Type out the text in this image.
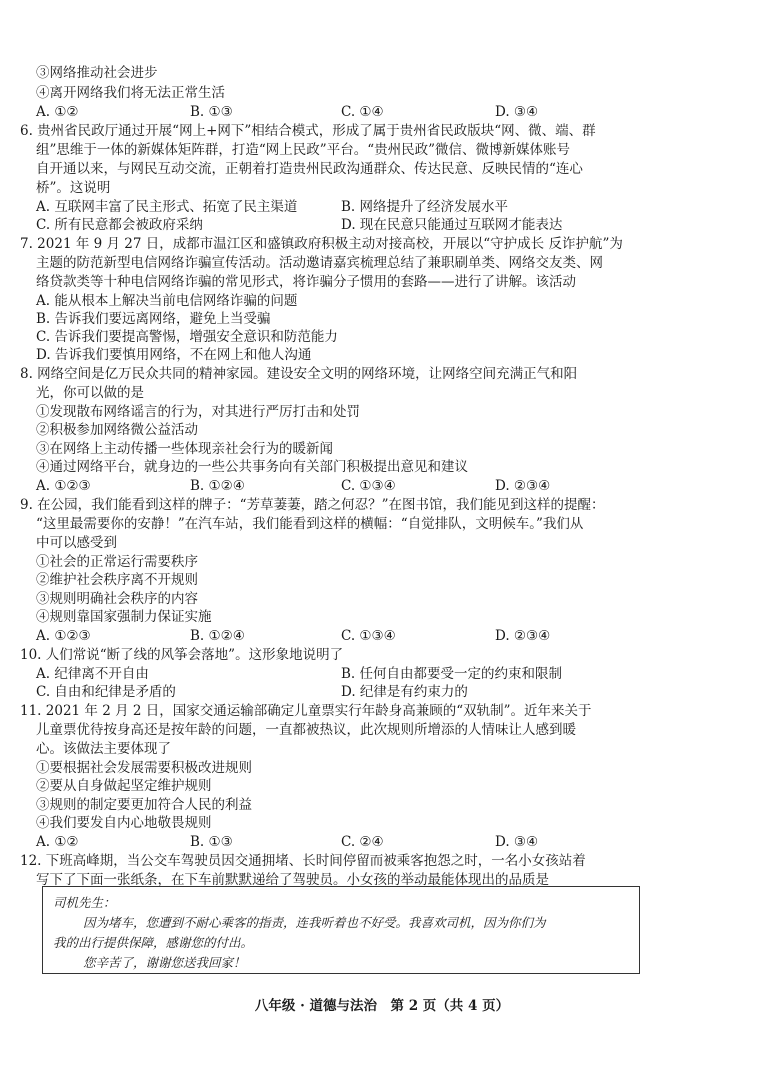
③网络推动社会进步
④离开网络我们将无法正常生活
A. ①②	B. ①③	C. ①④	D. ③④
6. 贵州省民政厅通过开展“网上+网下”相结合模式，形成了属于贵州省民政版块“网、微、端、群
组”思维于一体的新媒体矩阵群，打造“网上民政”平台。“贵州民政”微信、微博新媒体账号
自开通以来，与网民互动交流，正朝着打造贵州民政沟通群众、传达民意、反映民情的“连心
桥”。这说明
A. 互联网丰富了民主形式、拓宽了民主渠道	B. 网络提升了经济发展水平
C. 所有民意都会被政府采纳	D. 现在民意只能通过互联网才能表达
7. 2021 年 9 月 27 日，成都市温江区和盛镇政府积极主动对接高校，开展以“守护成长 反诈护航”为
主题的防范新型电信网络诈骗宣传活动。活动邀请嘉宾梳理总结了兼职刷单类、网络交友类、网
络贷款类等十种电信网络诈骗的常见形式，将诈骗分子惯用的套路——进行了讲解。该活动
A. 能从根本上解决当前电信网络诈骗的问题
B. 告诉我们要远离网络，避免上当受骗
C. 告诉我们要提高警惕，增强安全意识和防范能力
D. 告诉我们要慎用网络，不在网上和他人沟通
8. 网络空间是亿万民众共同的精神家园。建设安全文明的网络环境，让网络空间充满正气和阳
光，你可以做的是
①发现散布网络谣言的行为，对其进行严厉打击和处罚
②积极参加网络微公益活动
③在网络上主动传播一些体现亲社会行为的暖新闻
④通过网络平台，就身边的一些公共事务向有关部门积极提出意见和建议
A. ①②③	B. ①②④	C. ①③④	D. ②③④
9. 在公园，我们能看到这样的牌子：“芳草萋萋，踏之何忍？”在图书馆，我们能见到这样的提醒：
“这里最需要你的安静！”在汽车站，我们能看到这样的横幅：“自觉排队，文明候车。”我们从
中可以感受到
①社会的正常运行需要秩序
②维护社会秩序离不开规则
③规则明确社会秩序的内容
④规则靠国家强制力保证实施
A. ①②③	B. ①②④	C. ①③④	D. ②③④
10. 人们常说“断了线的风筝会落地”。这形象地说明了
A. 纪律离不开自由	B. 任何自由都要受一定的约束和限制
C. 自由和纪律是矛盾的	D. 纪律是有约束力的
11. 2021 年 2 月 2 日，国家交通运输部确定儿童票实行年龄身高兼顾的“双轨制”。近年来关于
儿童票优待按身高还是按年龄的问题，一直都被热议，此次规则所增添的人情味让人感到暖
心。该做法主要体现了
①要根据社会发展需要积极改进规则
②要从自身做起坚定维护规则
③规则的制定要更加符合人民的利益
④我们要发自内心地敬畏规则
A. ①②	B. ①③	C. ②④	D. ③④
12. 下班高峰期，当公交车驾驶员因交通拥堵、长时间停留而被乘客抱怨之时，一名小女孩站着
写下了下面一张纸条，在下车前默默递给了驾驶员。小女孩的举动最能体现出的品质是
司机先生：
因为堵车，您遭到不耐心乘客的指责，连我听着也不好受。我喜欢司机，因为你们为
我的出行提供保障，感谢您的付出。
您辛苦了，谢谢您送我回家！
八年级 · 道德与法治　第 2 页（共 4 页）
